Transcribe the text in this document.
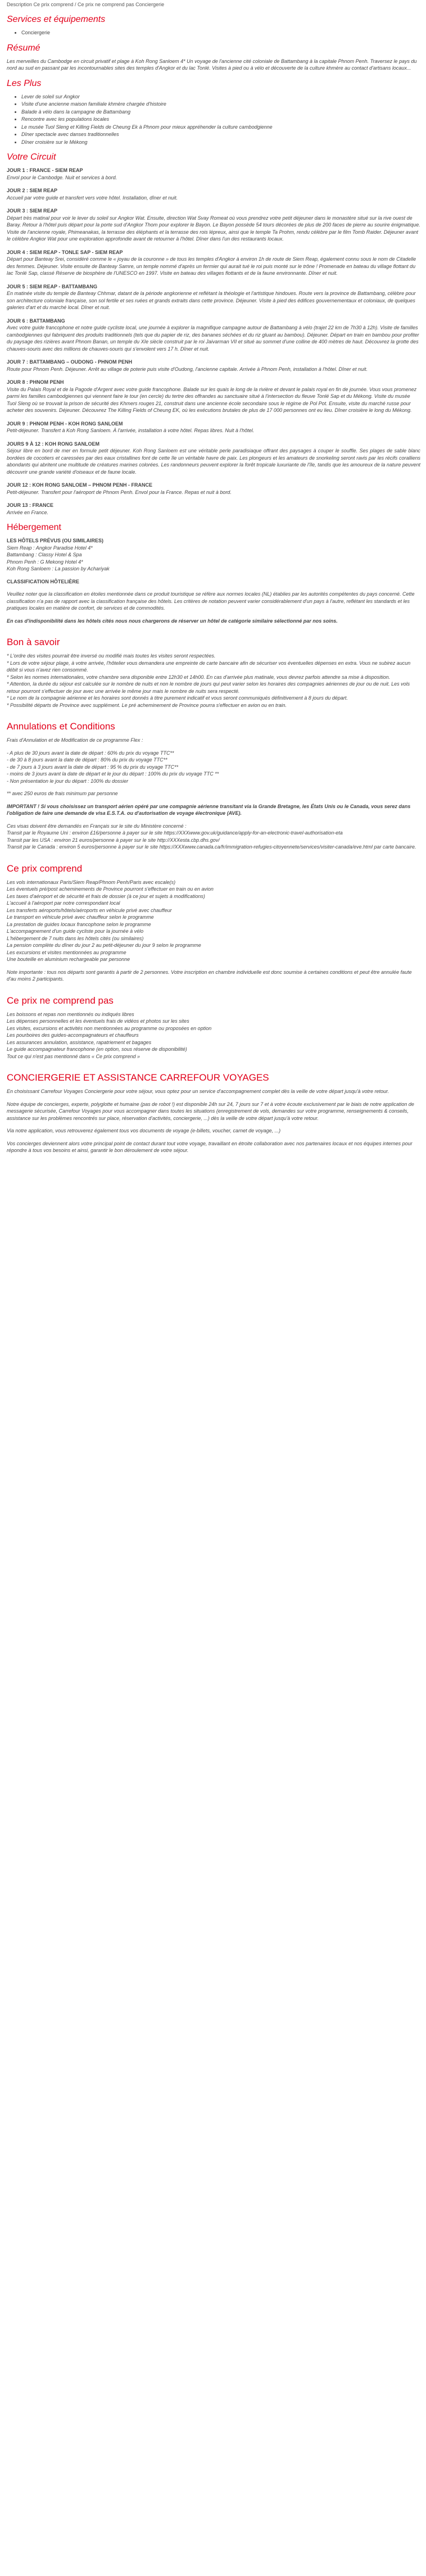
Description Ce prix comprend / Ce prix ne comprend pas Conciergerie
Services et équipements
• Conciergerie
Résumé

Les merveilles du Cambodge en circuit privatif et plage à Koh Rong Sanloem 4* Un voyage de l'ancienne cité coloniale de Battambang à la capitale Phnom Penh. Traversez le pays du nord au sud en passant par les incontournables sites des temples d'Angkor et du lac Tonlé. Visites à pied ou à vélo et découverte de la culture khmère au contact d'artisans locaux...

Les Plus
• Lever de soleil sur Angkor
• Visite d'une ancienne maison familiale khmère chargée d'histoire
• Balade à vélo dans la campagne de Battambang
• Rencontre avec les populations locales
• Le musée Tuol Sleng et Killing Fields de Cheung Ek à Phnom pour mieux appréhender la culture cambodgienne
• Dîner spectacle avec danses traditionnelles
• Dîner croisière sur le Mékong
Votre Circuit
JOUR 1 : FRANCE - SIEM REAP
Envol pour le Cambodge. Nuit et services à bord.
JOUR 2 : SIEM REAP
Accueil par votre guide et transfert vers votre hôtel. Installation, dîner et nuit.
JOUR 3 : SIEM REAP
Départ très matinal pour voir le lever du soleil sur Angkor Wat. Ensuite, direction Wat Svay Romeat où vous prendrez votre petit déjeuner dans le monastère situé sur la rive ouest de Baray. Retour à l'hôtel puis départ pour la porte sud d'Angkor Thom pour explorer le Bayon. Le Bayon possède 54 tours décorées de plus de 200 faces de pierre au sourire énigmatique. Visite de l'ancienne royale, Phimeanakas, la terrasse des éléphants et la terrasse des rois lépreux, ainsi que le temple Ta Prohm, rendu célèbre par le film Tomb Raider. Déjeuner avant le célèbre Angkor Wat pour une exploration approfondie avant de retourner à l'hôtel. Dîner dans l'un des restaurants locaux.
JOUR 4 : SIEM REAP - TONLE SAP - SIEM REAP
Départ pour Banteay Srei, considéré comme le « joyau de la couronne » de tous les temples d'Angkor à environ 1h de route de Siem Reap, également connu sous le nom de Citadelle des femmes. Déjeuner. Visite ensuite de Banteay Samre, un temple nommé d'après un fermier qui aurait tué le roi puis monté sur le trône ! Promenade en bateau du village flottant du lac Tonlé Sap, classé Réserve de biosphère de l'UNESCO en 1997. Visite en bateau des villages flottants et de la faune environnante. Dîner et nuit.
JOUR 5 : SIEM REAP - BATTAMBANG
En matinée visite du temple de Banteay Chhmar, datant de la période angkorienne et reflétant la théologie et l'artistique hindoues. Route vers la province de Battambang, célèbre pour son architecture coloniale française, son sol fertile et ses ruées et grands extraits dans cette province. Déjeuner. Visite à pied des édifices gouvernementaux et coloniaux, de quelques galeries d'art et du marché local. Dîner et nuit.
JOUR 6 : BATTAMBANG
Avec votre guide francophone et notre guide cycliste local, une journée à explorer la magnifique campagne autour de Battambang à vélo (trajet 22 km de 7h30 à 12h). Visite de familles cambodgiennes qui fabriquent des produits traditionnels (tels que du papier de riz, des bananes séchées et du riz gluant au bambou). Déjeuner. Départ en train en bambou pour profiter du paysage des rizières avant Phnom Banan, un temple du XIe siècle construit par le roi Jaivarman VII et situé au sommet d'une colline de 400 mètres de haut. Découvrez la grotte des chauves-souris avec des millions de chauves-souris qui s'envolent vers 17 h. Dîner et nuit.
JOUR 7 : BATTAMBANG – OUDONG - PHNOM PENH
Route pour Phnom Penh. Déjeuner. Arrêt au village de poterie puis visite d'Oudong, l'ancienne capitale. Arrivée à Phnom Penh, installation à l'hôtel. Dîner et nuit.
JOUR 8 : PHNOM PENH
Visite du Palais Royal et de la Pagode d'Argent avec votre guide francophone. Balade sur les quais le long de la rivière et devant le palais royal en fin de journée. Vous vous promenez parmi les familles cambodgiennes qui viennent faire le tour (en cercle) du tertre des offrandes au sanctuaire situé à l'intersection du fleuve Tonlé Sap et du Mékong. Visite du musée Tuol Sleng où se trouvait la prison de sécurité des Khmers rouges 21, construit dans une ancienne école secondaire sous le régime de Pol Pot. Ensuite, visite du marché russe pour acheter des souvenirs. Déjeuner. Découvrez The Killing Fields of Cheung EK, où les exécutions brutales de plus de 17 000 personnes ont eu lieu. Dîner croisière le long du Mékong.
JOUR 9 : PHNOM PENH - KOH RONG SANLOEM
Petit-déjeuner. Transfert à Koh Rong Sanloem. À l'arrivée, installation à votre hôtel. Repas libres. Nuit à l'hôtel.
JOURS 9 À 12 : KOH RONG SANLOEM
Séjour libre en bord de mer en formule petit déjeuner. Koh Rong Sanloem est une véritable perle paradisiaque offrant des paysages à couper le souffle. Ses plages de sable blanc bordées de cocotiers et caressées par des eaux cristallines font de cette île un véritable havre de paix. Les plongeurs et les amateurs de snorkeling seront ravis par les récifs coralliens abondants qui abritent une multitude de créatures marines colorées. Les randonneurs peuvent explorer la forêt tropicale luxuriante de l'île, tandis que les amoureux de la nature peuvent découvrir une grande variété d'oiseaux et de faune locale.
JOUR 12 : KOH RONG SANLOEM – PHNOM PENH - FRANCE
Petit-déjeuner. Transfert pour l'aéroport de Phnom Penh. Envol pour la France. Repas et nuit à bord.
JOUR 13 : FRANCE
Arrivée en France.
Hébergement
LES HÔTELS PRÉVUS (OU SIMILAIRES)
Siem Reap : Angkor Paradise Hotel 4*
Battambang : Classy Hotel & Spa
Phnom Penh : G Mekong Hotel 4*
Koh Rong Sanloem : La passion by Achariyak
CLASSIFICATION HÔTELIÈRE

Veuillez noter que la classification en étoiles mentionnée dans ce produit touristique se réfère aux normes locales (NL) établies par les autorités compétentes du pays concerné. Cette classification n'a pas de rapport avec la classification française des hôtels. Les critères de notation peuvent varier considérablement d'un pays à l'autre, reflétant les standards et les pratiques locales en matière de confort, de services et de commodités.

En cas d'indisponibilité dans les hôtels cités nous nous chargerons de réserver un hôtel de catégorie similaire sélectionné par nos soins.

Bon à savoir
* L'ordre des visites pourrait être inversé ou modifié mais toutes les visites seront respectées.
* Lors de votre séjour plage, à votre arrivée, l'hôtelier vous demandera une empreinte de carte bancaire afin de sécuriser vos éventuelles dépenses en extra. Vous ne subirez aucun débit si vous n'avez rien consommé.
* Selon les normes internationales, votre chambre sera disponible entre 12h30 et 14h00. En cas d'arrivée plus matinale, vous devrez parfois attendre sa mise à disposition.
* Attention, la durée du séjour est calculée sur le nombre de nuits et non le nombre de jours qui peut varier selon les horaires des compagnies aériennes de jour ou de nuit. Les vols retour pourront s'effectuer de jour avec une arrivée le même jour mais le nombre de nuits sera respecté.
* Le nom de la compagnie aérienne et les horaires sont donnés à titre purement indicatif et vous seront communiqués définitivement à 8 jours du départ.
* Possibilité départs de Province avec supplément. Le pré acheminement de Province pourra s'effectuer en avion ou en train.
Annulations et Conditions

Frais d'Annulation et de Modification de ce programme Flex :

- A plus de 30 jours avant la date de départ : 60% du prix du voyage TTC**
- de 30 à 8 jours avant la date de départ : 80% du prix du voyage TTC**
- de 7 jours à 3 jours avant la date de départ : 95 % du prix du voyage TTC**
- moins de 3 jours avant la date de départ et le jour du départ : 100% du prix du voyage TTC **
- Non présentation le jour du départ : 100% du dossier

** avec 250 euros de frais minimum par personne

IMPORTANT ! Si vous choisissez un transport aérien opéré par une compagnie aérienne transitant via la Grande Bretagne, les États Unis ou le Canada, vous serez dans l'obligation de faire une demande de visa E.S.T.A. ou d'autorisation de voyage électronique (AVE).

Ces visas doivent être demandés en Français sur le site du Ministère concerné :
Transit par le Royaume Uni : environ £16/personne à payer sur le site https://XXXwww.gov.uk/guidance/apply-for-an-electronic-travel-authorisation-eta
Transit par les USA : environ 21 euros/personne à payer sur le site http://XXXesta.cbp.dhs.gov/
Transit par le Canada : environ 5 euros/personne à payer sur le site https://XXXwww.canada.ca/fr/immigration-refugies-citoyennete/services/visiter-canada/eve.html par carte bancaire.
Ce prix comprend
Les vols internationaux Paris/Siem Reap/Phnom Penh/Paris avec escale(s)
Les éventuels pré/post acheminements de Province pourront s'effectuer en train ou en avion
Les taxes d'aéroport et de sécurité et frais de dossier (à ce jour et sujets à modifications)
L'accueil à l'aéroport par notre correspondant local
Les transferts aéroports/hôtels/aéroports en véhicule privé avec chauffeur
Le transport en véhicule privé avec chauffeur selon le programme
La prestation de guides locaux francophone selon le programme
L'accompagnement d'un guide cycliste pour la journée à vélo
L'hébergement de 7 nuits dans les hôtels cités (ou similaires)
La pension complète du dîner du jour 2 au petit-déjeuner du jour 9 selon le programme
Les excursions et visites mentionnées au programme
Une bouteille en aluminium rechargeable par personne

Note importante : tous nos départs sont garantis à partir de 2 personnes. Votre inscription en chambre individuelle est donc soumise à certaines conditions et peut être annulée faute d'au moins 2 participants.

Ce prix ne comprend pas
Les boissons et repas non mentionnés ou indiqués libres
Les dépenses personnelles et les éventuels frais de vidéos et photos sur les sites
Les visites, excursions et activités non mentionnées au programme ou proposées en option
Les pourboires des guides-accompagnateurs et chauffeurs
Les assurances annulation, assistance, rapatriement et bagages
Le guide accompagnateur francophone (en option, sous réserve de disponibilité)
Tout ce qui n'est pas mentionné dans « Ce prix comprend »
CONCIERGERIE ET ASSISTANCE CARREFOUR VOYAGES

En choisissant Carrefour Voyages Conciergerie pour votre séjour, vous optez pour un service d'accompagnement complet dès la veille de votre départ jusqu'à votre retour.

Notre équipe de concierges, experte, polyglotte et humaine (pas de robot !) est disponible 24h sur 24, 7 jours sur 7 et à votre écoute exclusivement par le biais de notre application de messagerie sécurisée, Carrefour Voyages pour vous accompagner dans toutes les situations (enregistrement de vols, demandes sur votre programme, renseignements & conseils, assistance sur les problèmes rencontrés sur place, réservation d'activités, conciergerie, ...) dès la veille de votre départ jusqu'à votre retour.

Via notre application, vous retrouverez également tous vos documents de voyage (e-billets, voucher, carnet de voyage, ...)

Vos concierges deviennent alors votre principal point de contact durant tout votre voyage, travaillant en étroite collaboration avec nos partenaires locaux et nos équipes internes pour répondre à tous vos besoins et ainsi, garantir le bon déroulement de votre séjour.
